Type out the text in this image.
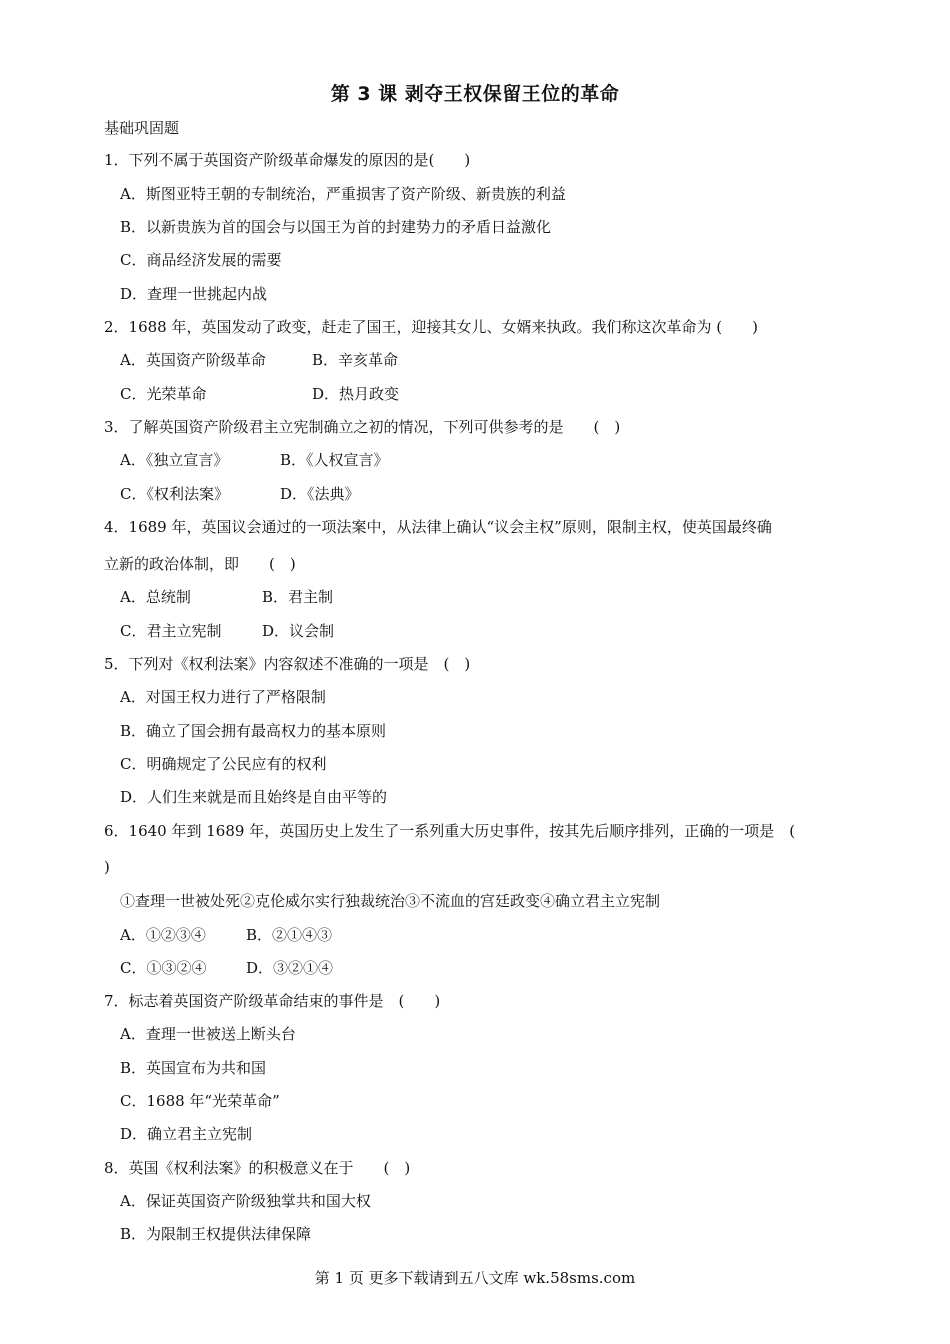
第 3 课 剥夺王权保留王位的革命
基础巩固题
1．下列不属于英国资产阶级革命爆发的原因的是(　　)
A．斯图亚特王朝的专制统治，严重损害了资产阶级、新贵族的利益
B．以新贵族为首的国会与以国王为首的封建势力的矛盾日益激化
C．商品经济发展的需要
D．查理一世挑起内战
2．1688 年，英国发动了政变，赶走了国王，迎接其女儿、女婿来执政。我们称这次革命为 (　　)
A．英国资产阶级革命	B．辛亥革命
C．光荣革命	D．热月政变
3．了解英国资产阶级君主立宪制确立之初的情况，下列可供参考的是　　(　)
A．《独立宣言》	B．《人权宣言》
C．《权利法案》	D．《法典》
4．1689 年，英国议会通过的一项法案中，从法律上确认“议会主权”原则，限制主权，使英国最终确
立新的政治体制，即　　(　)
A．总统制	B．君主制
C．君主立宪制	D．议会制
5．下列对《权利法案》内容叙述不准确的一项是　(　)
A．对国王权力进行了严格限制
B．确立了国会拥有最高权力的基本原则
C．明确规定了公民应有的权利
D．人们生来就是而且始终是自由平等的
6．1640 年到 1689 年，英国历史上发生了一系列重大历史事件，按其先后顺序排列，正确的一项是　(
)
①查理一世被处死②克伦威尔实行独裁统治③不流血的宫廷政变④确立君主立宪制
A．①②③④	B．②①④③
C．①③②④	D．③②①④
7．标志着英国资产阶级革命结束的事件是　(　　)
A．查理一世被送上断头台
B．英国宣布为共和国
C．1688 年“光荣革命”
D．确立君主立宪制
8．英国《权利法案》的积极意义在于　　(　)
A．保证英国资产阶级独掌共和国大权
B．为限制王权提供法律保障
第 1 页 更多下载请到五八文库 wk.58sms.com
